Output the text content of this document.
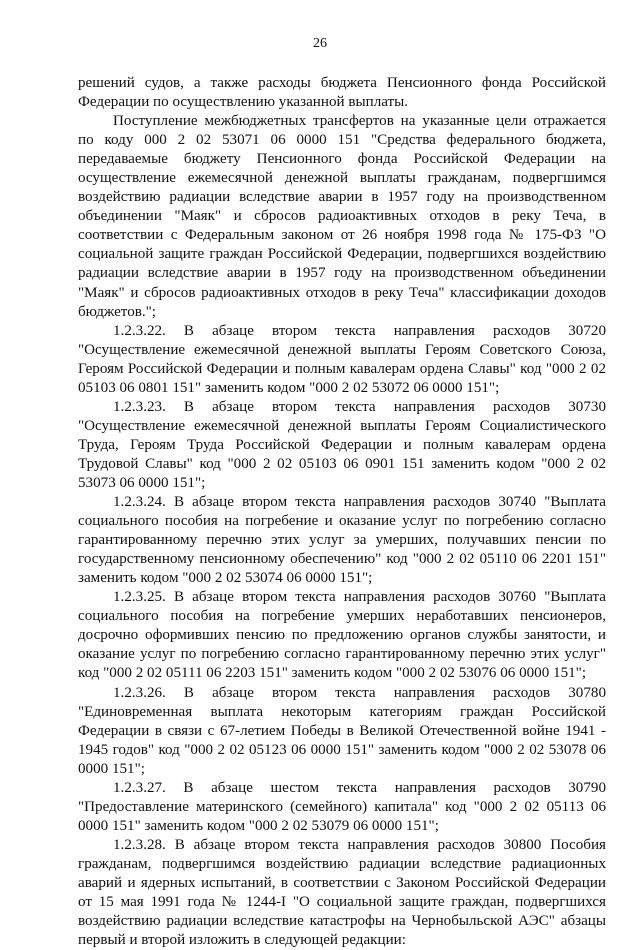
26

решений судов, а также расходы бюджета Пенсионного фонда Российской Федерации по осуществлению указанной выплаты.

Поступление межбюджетных трансфертов на указанные цели отражается по коду 000 2 02 53071 06 0000 151 "Средства федерального бюджета, передаваемые бюджету Пенсионного фонда Российской Федерации на осуществление ежемесячной денежной выплаты гражданам, подвергшимся воздействию радиации вследствие аварии в 1957 году на производственном объединении "Маяк" и сбросов радиоактивных отходов в реку Теча, в соответствии с Федеральным законом от 26 ноября 1998 года № 175-ФЗ "О социальной защите граждан Российской Федерации, подвергшихся воздействию радиации вследствие аварии в 1957 году на производственном объединении "Маяк" и сбросов радиоактивных отходов в реку Теча" классификации доходов бюджетов.";

1.2.3.22. В абзаце втором текста направления расходов 30720 "Осуществление ежемесячной денежной выплаты Героям Советского Союза, Героям Российской Федерации и полным кавалерам ордена Славы" код "000 2 02 05103 06 0801 151" заменить кодом "000 2 02 53072 06 0000 151";

1.2.3.23. В абзаце втором текста направления расходов 30730 "Осуществление ежемесячной денежной выплаты Героям Социалистического Труда, Героям Труда Российской Федерации и полным кавалерам ордена Трудовой Славы" код "000 2 02 05103 06 0901 151 заменить кодом "000 2 02 53073 06 0000 151";

1.2.3.24. В абзаце втором текста направления расходов 30740 "Выплата социального пособия на погребение и оказание услуг по погребению согласно гарантированному перечню этих услуг за умерших, получавших пенсии по государственному пенсионному обеспечению" код "000 2 02 05110 06 2201 151" заменить кодом "000 2 02 53074 06 0000 151";

1.2.3.25. В абзаце втором текста направления расходов 30760 "Выплата социального пособия на погребение умерших неработавших пенсионеров, досрочно оформивших пенсию по предложению органов службы занятости, и оказание услуг по погребению согласно гарантированному перечню этих услуг" код "000 2 02 05111 06 2203 151" заменить кодом "000 2 02 53076 06 0000 151";

1.2.3.26. В абзаце втором текста направления расходов 30780 "Единовременная выплата некоторым категориям граждан Российской Федерации в связи с 67-летием Победы в Великой Отечественной войне 1941 - 1945 годов" код "000 2 02 05123 06 0000 151" заменить кодом "000 2 02 53078 06 0000 151";

1.2.3.27. В абзаце шестом текста направления расходов 30790 "Предоставление материнского (семейного) капитала" код "000 2 02 05113 06 0000 151" заменить кодом "000 2 02 53079 06 0000 151";

1.2.3.28. В абзаце втором текста направления расходов 30800 Пособия гражданам, подвергшимся воздействию радиации вследствие радиационных аварий и ядерных испытаний, в соответствии с Законом Российской Федерации от 15 мая 1991 года № 1244-I "О социальной защите граждан, подвергшихся воздействию радиации вследствие катастрофы на Чернобыльской АЭС" абзацы первый и второй изложить в следующей редакции:
